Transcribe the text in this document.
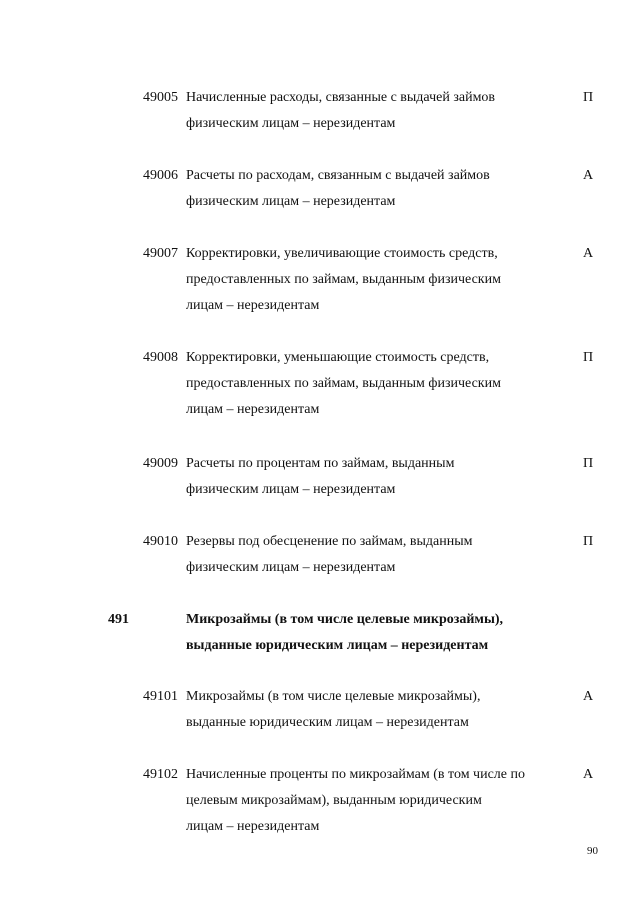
49005 Начисленные расходы, связанные с выдачей займов
физическим лицам – нерезидентам
П
49006 Расчеты по расходам, связанным с выдачей займов
физическим лицам – нерезидентам
А
49007 Корректировки, увеличивающие стоимость средств,
предоставленных по займам, выданным физическим
лицам – нерезидентам
А
49008 Корректировки, уменьшающие стоимость средств,
предоставленных по займам, выданным физическим
лицам – нерезидентам
П
49009 Расчеты по процентам по займам, выданным
физическим лицам – нерезидентам
П
49010 Резервы под обесценение по займам, выданным
физическим лицам – нерезидентам
П
491	Микрозаймы (в том числе целевые микрозаймы),
выданные юридическим лицам – нерезидентам
49101 Микрозаймы (в том числе целевые микрозаймы),
выданные юридическим лицам – нерезидентам
А
49102 Начисленные проценты по микрозаймам (в том числе по
целевым микрозаймам), выданным юридическим
лицам – нерезидентам
А
90
